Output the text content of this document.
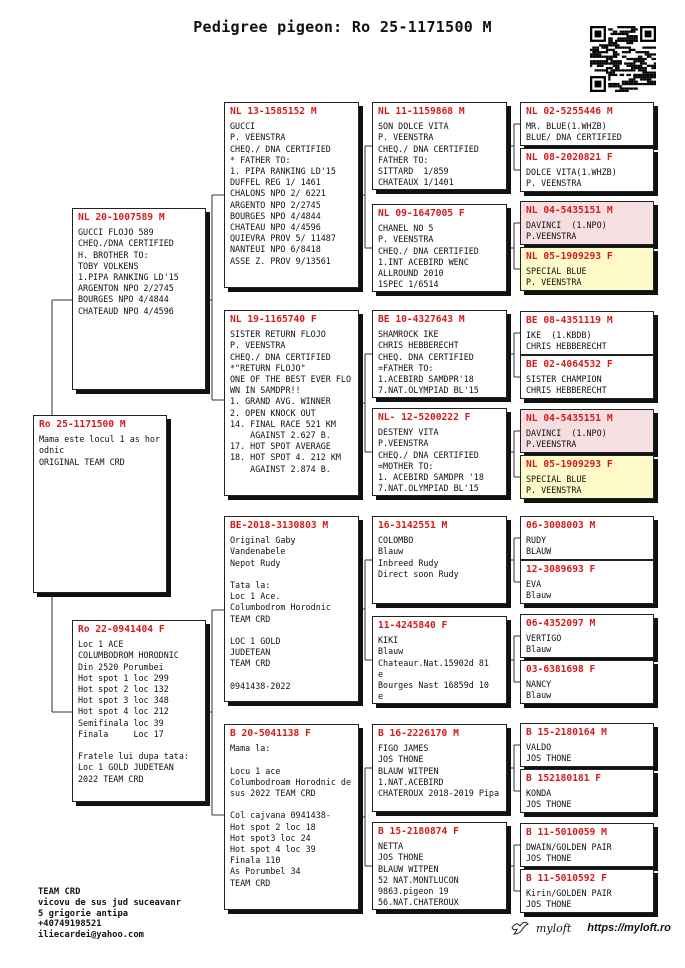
Pedigree pigeon: Ro 25-1171500 M
Ro 25-1171500 M
Mama este locul 1 as hor
odnic
ORIGINAL TEAM CRD
NL 20-1007589 M
GUCCI FLOJO 589
CHEQ./DNA CERTIFIED
H. BROTHER TO:
TOBY VOLKENS
1.PIPA RANKING LD'15
ARGENTON NPO 2/2745
BOURGES NPO 4/4844
CHATEAUD NPO 4/4596
Ro 22-0941404 F
Loc 1 ACE
COLUMBODROM HORODNIC
Din 2520 Porumbei
Hot spot 1 loc 299
Hot spot 2 loc 132
Hot spot 3 loc 348
Hot spot 4 loc 212
Semifinala loc 39
Finala     Loc 17

Fratele lui dupa tata:
Loc 1 GOLD JUDETEAN
2022 TEAM CRD
NL 13-1585152 M
GUCCI
P. VEENSTRA
CHEQ./ DNA CERTIFIED
* FATHER TO:
1. PIPA RANKING LD'15
DUFFEL REG 1/ 1461
CHALONS NPO 2/ 6221
ARGENTO NPO 2/2745
BOURGES NPO 4/4844
CHATEAU NPO 4/4596
QUIEVRA PROV 5/ 11487
NANTEUI NPO 6/8418
ASSE Z. PROV 9/13561
NL 19-1165740 F
SISTER RETURN FLOJO
P. VEENSTRA
CHEQ./ DNA CERTIFIED
*"RETURN FLOJO"
ONE OF THE BEST EVER FLO
WN IN SAMDPR!!
1. GRAND AVG. WINNER
2. OPEN KNOCK OUT
14. FINAL RACE 521 KM
AGAINST 2.627 B.
17. HOT SPOT AVERAGE
18. HOT SPOT 4. 212 KM
AGAINST 2.874 B.
BE-2018-3130803 M
Original Gaby
Vandenabele
Nepot Rudy

Tata la:
Loc 1 Ace.
Columbodrom Horodnic
TEAM CRD

LOC 1 GOLD
JUDETEAN
TEAM CRD

0941438-2022
B 20-5041138 F
Mama la:

Locu 1 ace
Columbodroam Horodnic de
sus 2022 TEAM CRD

Col cajvana 0941438-
Hot spot 2 loc 18
Hot spot3 loc 24
Hot spot 4 loc 39
Finala 110
As Porumbel 34
TEAM CRD
NL 11-1159868 M
SON DOLCE VITA
P. VEENSTRA
CHEQ./ DNA CERTIFIED
FATHER TO:
SITTARD  1/859
CHATEAUX 1/1401
NL 09-1647005 F
CHANEL NO 5
P. VEENSTRA
CHEQ./ DNA CERTIFIED
1.INT ACEBIRD WENC
ALLROUND 2010
1SPEC 1/6514
BE 10-4327643 M
SHAMROCK IKE
CHRIS HEBBERECHT
CHEQ. DNA CERTIFIED
=FATHER TO:
1.ACEBIRD SAMDPR'18
7.NAT.OLYMPIAD BL'15
NL- 12-5200222 F
DESTENY VITA
P.VEENSTRA
CHEQ./ DNA CERTIFIED
=MOTHER TO:
1. ACEBIRD SAMDPR '18
7.NAT.OLYMPIAD BL'15
16-3142551 M
COLOMBO
Blauw
Inbreed Rudy
Direct soon Rudy
11-4245840 F
KIKI
Blauw
Chateaur.Nat.15902d 81
e
Bourges Nast 16859d 10
e
B 16-2226170 M
FIGO JAMES
JOS THONE
BLAUW WITPEN
1.NAT.ACEBIRD
CHATEROUX 2018-2019 Pipa
B 15-2180874 F
NETTA
JOS THONE
BLAUW WITPEN
52 NAT.MONTLUCON
9863.pigeon 19
56.NAT.CHATEROUX
NL 02-5255446 M
MR. BLUE(1.WHZB)
BLUE/ DNA CERTIFIED
NL 08-2020821 F
DOLCE VITA(1.WHZB)
P. VEENSTRA
NL 04-5435151 M
DAVINCI  (1.NPO)
P.VEENSTRA
NL 05-1909293 F
SPECIAL BLUE
P. VEENSTRA
BE 08-4351119 M
IKE  (1.KBDB)
CHRIS HEBBERECHT
BE 02-4064532 F
SISTER CHAMPION
CHRIS HEBBERECHT
NL 04-5435151 M
DAVINCI  (1.NPO)
P.VEENSTRA
NL 05-1909293 F
SPECIAL BLUE
P. VEENSTRA
06-3008003 M
RUDY
BLAUW
12-3089693 F
EVA
Blauw
06-4352097 M
VERTIGO
Blauw
03-6381698 F
NANCY
Blauw
B 15-2180164 M
VALDO
JOS THONE
B 152180181 F
KONDA
JOS THONE
B 11-5010059 M
DWAIN/GOLDEN PAIR
JOS THONE
B 11-5010592 F
Kirin/GOLDEN PAIR
JOS THONE
TEAM CRD
vicovu de sus jud suceavanr
5 grigorie antipa
+40749198521
iliecardei@yahoo.com
myloft https://myloft.ro
